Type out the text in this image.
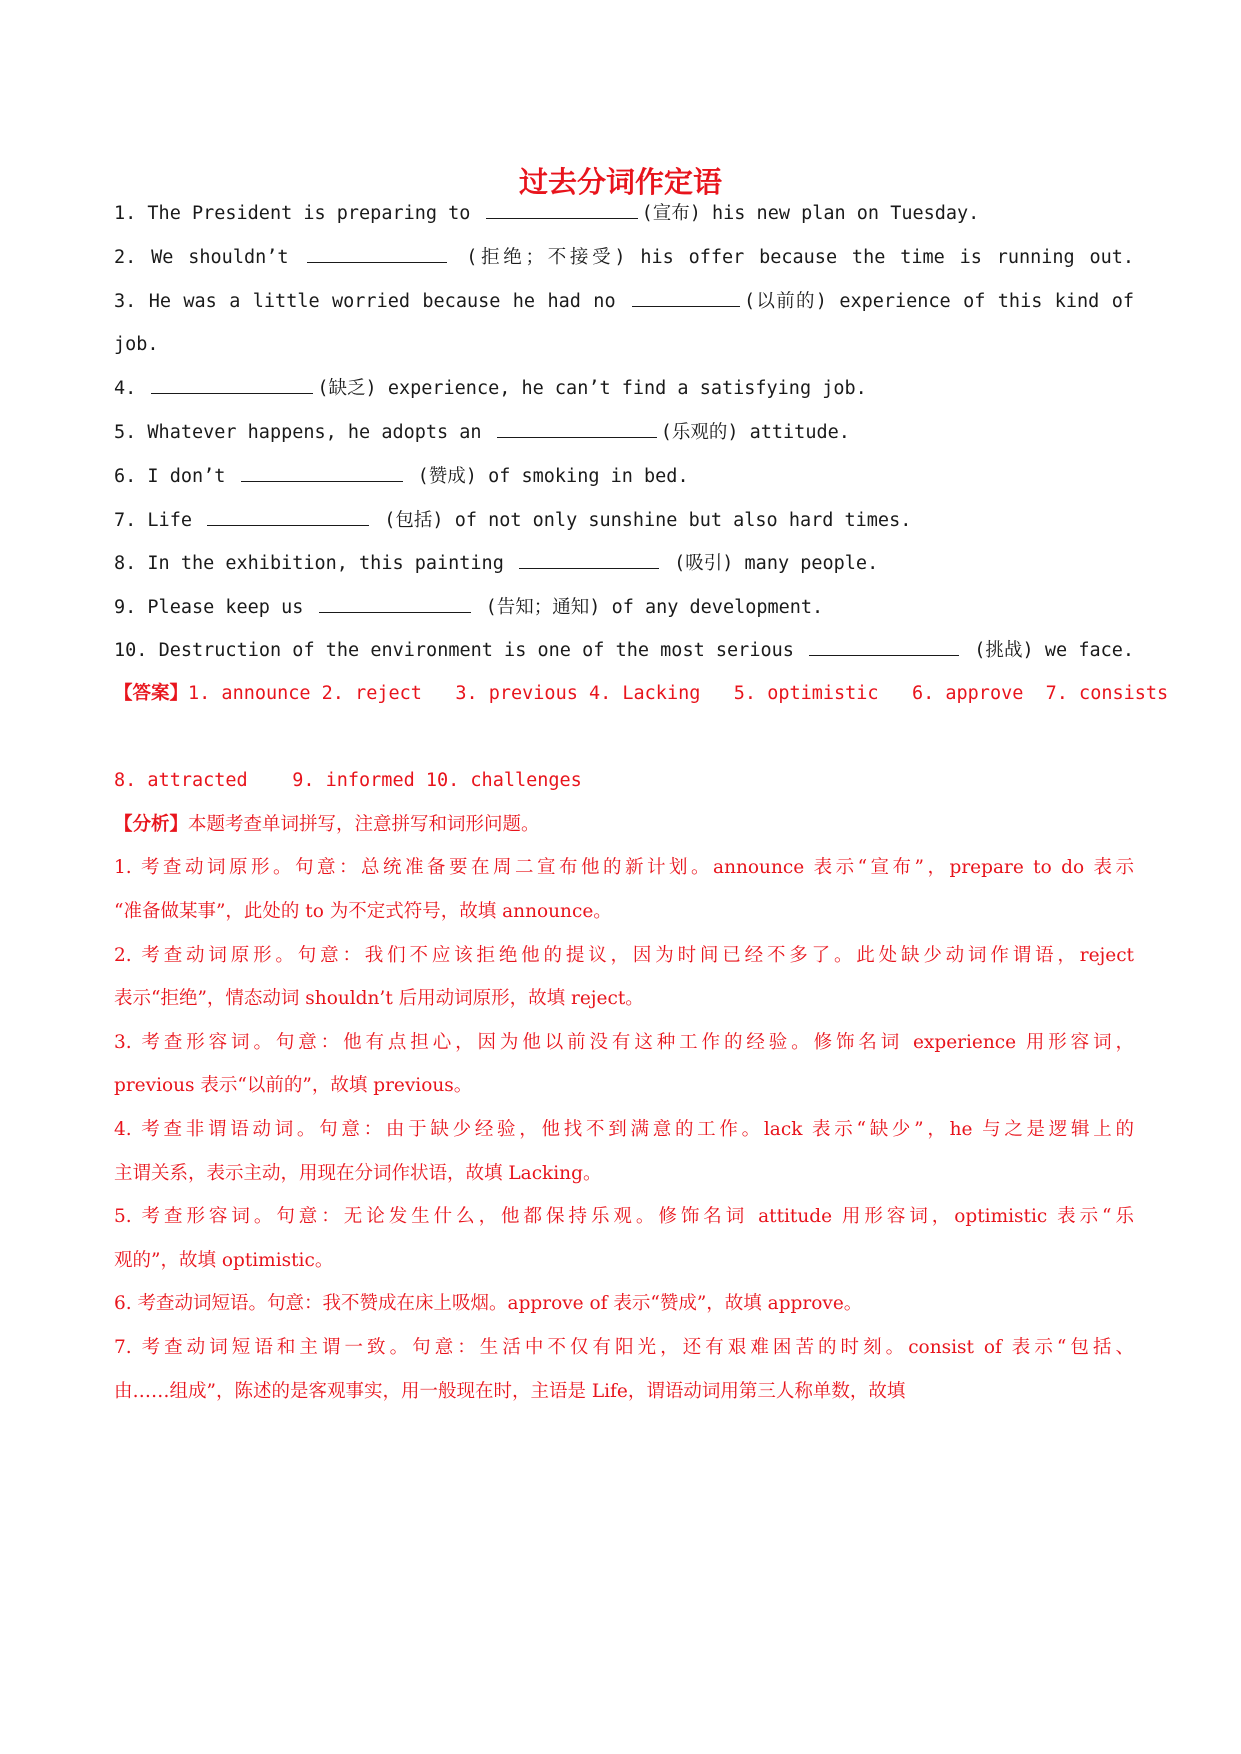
过去分词作定语

1. The President is preparing to	(宣布) his new plan on Tuesday.

2. We shouldn’t	(拒绝；不接受) his offer because the time is running out.

3. He was a little worried because he had no	(以前的) experience of this kind of

job.

4.	(缺乏) experience, he can’t find a satisfying job.

5. Whatever happens, he adopts an	(乐观的) attitude.

6. I don’t	(赞成) of smoking in bed.

7. Life	(包括) of not only sunshine but also hard times.

8. In the exhibition, this painting	(吸引) many people.

9. Please keep us	(告知；通知) of any development.

10. Destruction of the environment is one of the most serious	(挑战) we face.

【答案】1. announce 2. reject   3. previous 4. Lacking   5. optimistic   6. approve  7. consists

8. attracted    9. informed 10. challenges

【分析】本题考查单词拼写，注意拼写和词形问题。

1. 考查动词原形。句意：总统准备要在周二宣布他的新计划。announce 表示“宣布”，prepare to do 表示

“准备做某事”，此处的 to 为不定式符号，故填 announce。

2. 考查动词原形。句意：我们不应该拒绝他的提议，因为时间已经不多了。此处缺少动词作谓语，reject

表示“拒绝”，情态动词 shouldn’t 后用动词原形，故填 reject。

3. 考查形容词。句意：他有点担心，因为他以前没有这种工作的经验。修饰名词 experience 用形容词，

previous 表示“以前的”，故填 previous。

4. 考查非谓语动词。句意：由于缺少经验，他找不到满意的工作。lack 表示“缺少”，he 与之是逻辑上的

主谓关系，表示主动，用现在分词作状语，故填 Lacking。

5. 考查形容词。句意：无论发生什么，他都保持乐观。修饰名词 attitude 用形容词，optimistic 表示“乐

观的”，故填 optimistic。

6. 考查动词短语。句意：我不赞成在床上吸烟。approve of 表示“赞成”，故填 approve。

7. 考查动词短语和主谓一致。句意：生活中不仅有阳光，还有艰难困苦的时刻。consist of 表示“包括、

由……组成”，陈述的是客观事实，用一般现在时，主语是 Life，谓语动词用第三人称单数，故填
